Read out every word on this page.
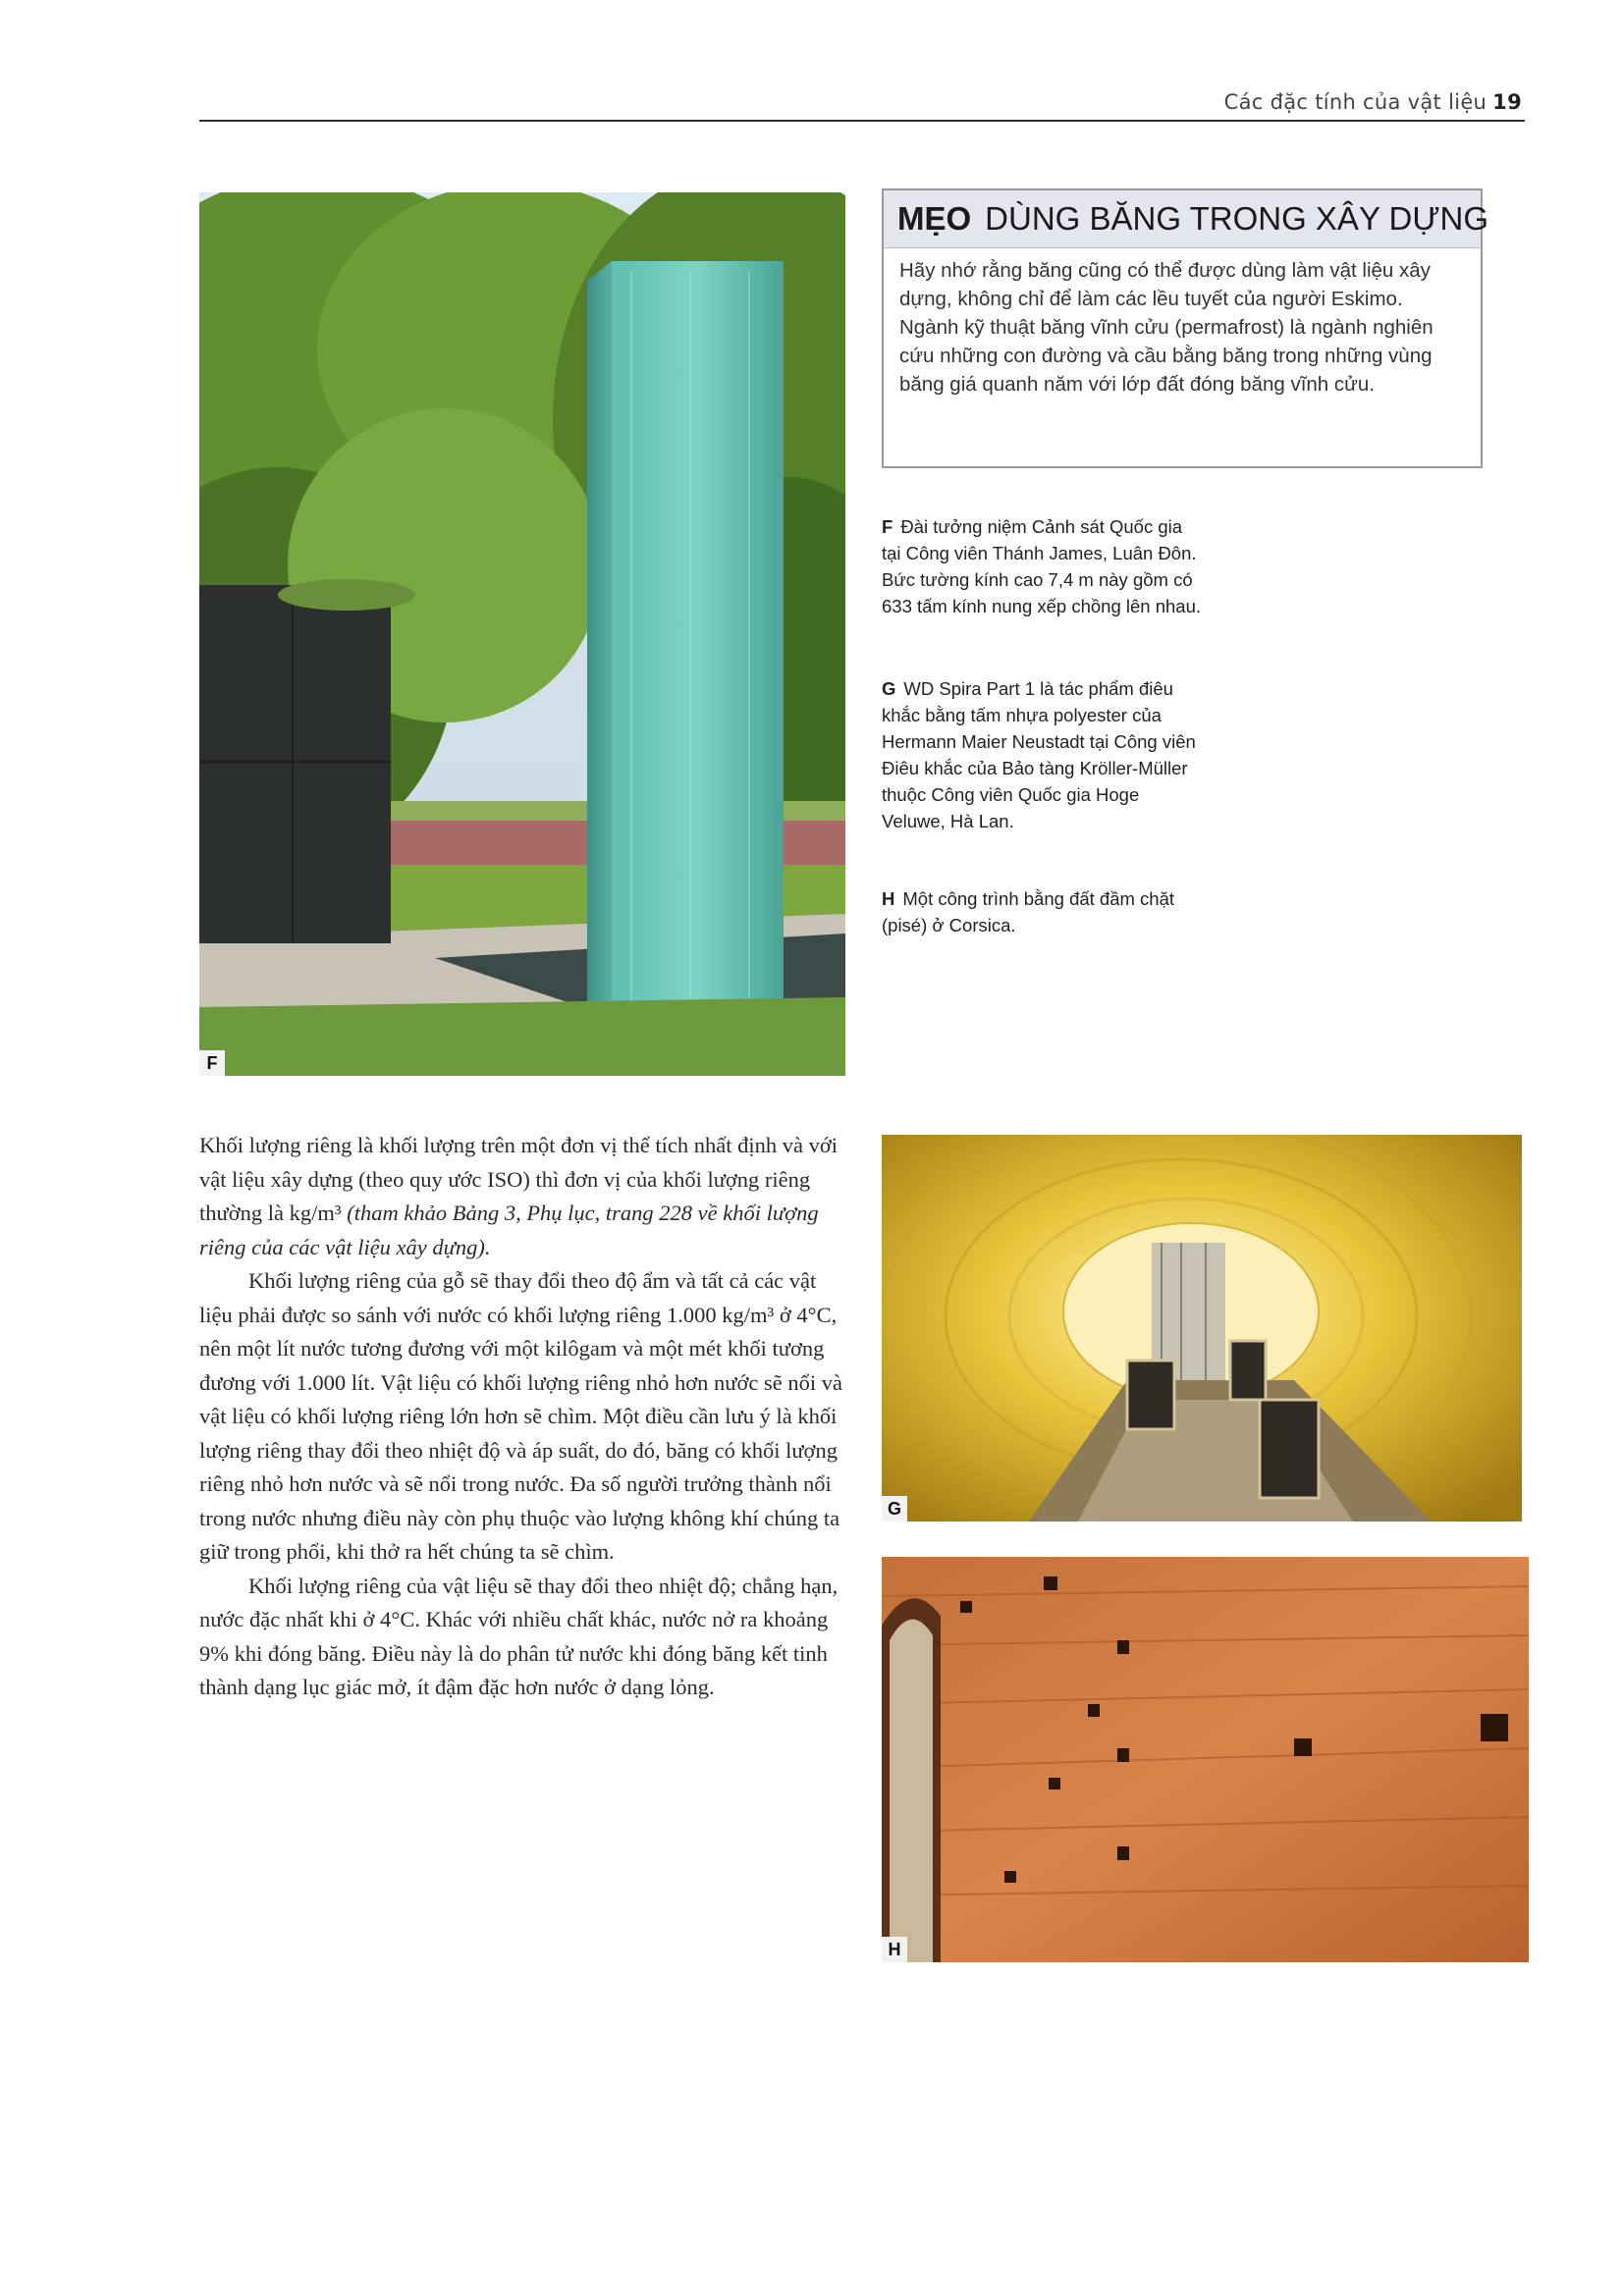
Các đặc tính của vật liệu 19
F
MẸO DÙNG BĂNG TRONG XÂY DỰNG
Hãy nhớ rằng băng cũng có thể được dùng làm vật liệu xây dựng, không chỉ để làm các lều tuyết của người Eskimo. Ngành kỹ thuật băng vĩnh cửu (permafrost) là ngành nghiên cứu những con đường và cầu bằng băng trong những vùng băng giá quanh năm với lớp đất đóng băng vĩnh cửu.
F Đài tưởng niệm Cảnh sát Quốc gia tại Công viên Thánh James, Luân Đôn. Bức tường kính cao 7,4 m này gồm có 633 tấm kính nung xếp chồng lên nhau.
G WD Spira Part 1 là tác phẩm điêu khắc bằng tấm nhựa polyester của Hermann Maier Neustadt tại Công viên Điêu khắc của Bảo tàng Kröller-Müller thuộc Công viên Quốc gia Hoge Veluwe, Hà Lan.
H Một công trình bằng đất đầm chặt (pisé) ở Corsica.

Khối lượng riêng là khối lượng trên một đơn vị thể tích nhất định và với vật liệu xây dựng (theo quy ước ISO) thì đơn vị của khối lượng riêng thường là kg/m³ (tham khảo Bảng 3, Phụ lục, trang 228 về khối lượng riêng của các vật liệu xây dựng).

Khối lượng riêng của gỗ sẽ thay đổi theo độ ẩm và tất cả các vật liệu phải được so sánh với nước có khối lượng riêng 1.000 kg/m³ ở 4°C, nên một lít nước tương đương với một kilôgam và một mét khối tương đương với 1.000 lít. Vật liệu có khối lượng riêng nhỏ hơn nước sẽ nổi và vật liệu có khối lượng riêng lớn hơn sẽ chìm. Một điều cần lưu ý là khối lượng riêng thay đổi theo nhiệt độ và áp suất, do đó, băng có khối lượng riêng nhỏ hơn nước và sẽ nổi trong nước. Đa số người trưởng thành nổi trong nước nhưng điều này còn phụ thuộc vào lượng không khí chúng ta giữ trong phổi, khi thở ra hết chúng ta sẽ chìm.

Khối lượng riêng của vật liệu sẽ thay đổi theo nhiệt độ; chẳng hạn, nước đặc nhất khi ở 4°C. Khác với nhiều chất khác, nước nở ra khoảng 9% khi đóng băng. Điều này là do phân tử nước khi đóng băng kết tinh thành dạng lục giác mở, ít đậm đặc hơn nước ở dạng lỏng.

G
H
